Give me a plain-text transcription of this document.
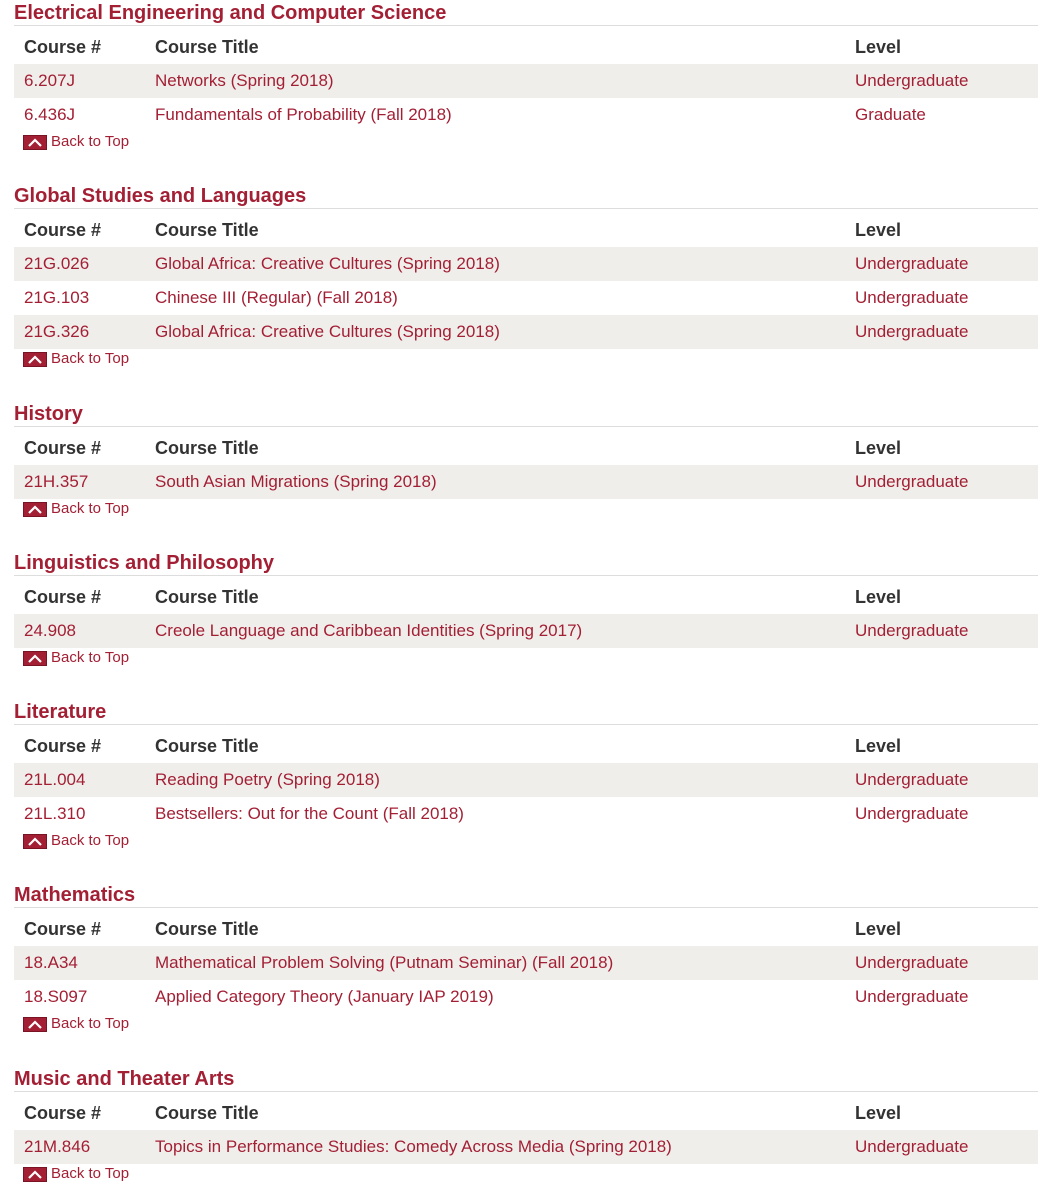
Electrical Engineering and Computer Science
Course #	Course Title	Level
6.207J	Networks (Spring 2018)	Undergraduate
6.436J	Fundamentals of Probability (Fall 2018)	Graduate
Back to Top
Global Studies and Languages
Course #	Course Title	Level
21G.026	Global Africa: Creative Cultures (Spring 2018)	Undergraduate
21G.103	Chinese III (Regular) (Fall 2018)	Undergraduate
21G.326	Global Africa: Creative Cultures (Spring 2018)	Undergraduate
Back to Top
History
Course #	Course Title	Level
21H.357	South Asian Migrations (Spring 2018)	Undergraduate
Back to Top
Linguistics and Philosophy
Course #	Course Title	Level
24.908	Creole Language and Caribbean Identities (Spring 2017)	Undergraduate
Back to Top
Literature
Course #	Course Title	Level
21L.004	Reading Poetry (Spring 2018)	Undergraduate
21L.310	Bestsellers: Out for the Count (Fall 2018)	Undergraduate
Back to Top
Mathematics
Course #	Course Title	Level
18.A34	Mathematical Problem Solving (Putnam Seminar) (Fall 2018)	Undergraduate
18.S097	Applied Category Theory (January IAP 2019)	Undergraduate
Back to Top
Music and Theater Arts
Course #	Course Title	Level
21M.846	Topics in Performance Studies: Comedy Across Media (Spring 2018)	Undergraduate
Back to Top
